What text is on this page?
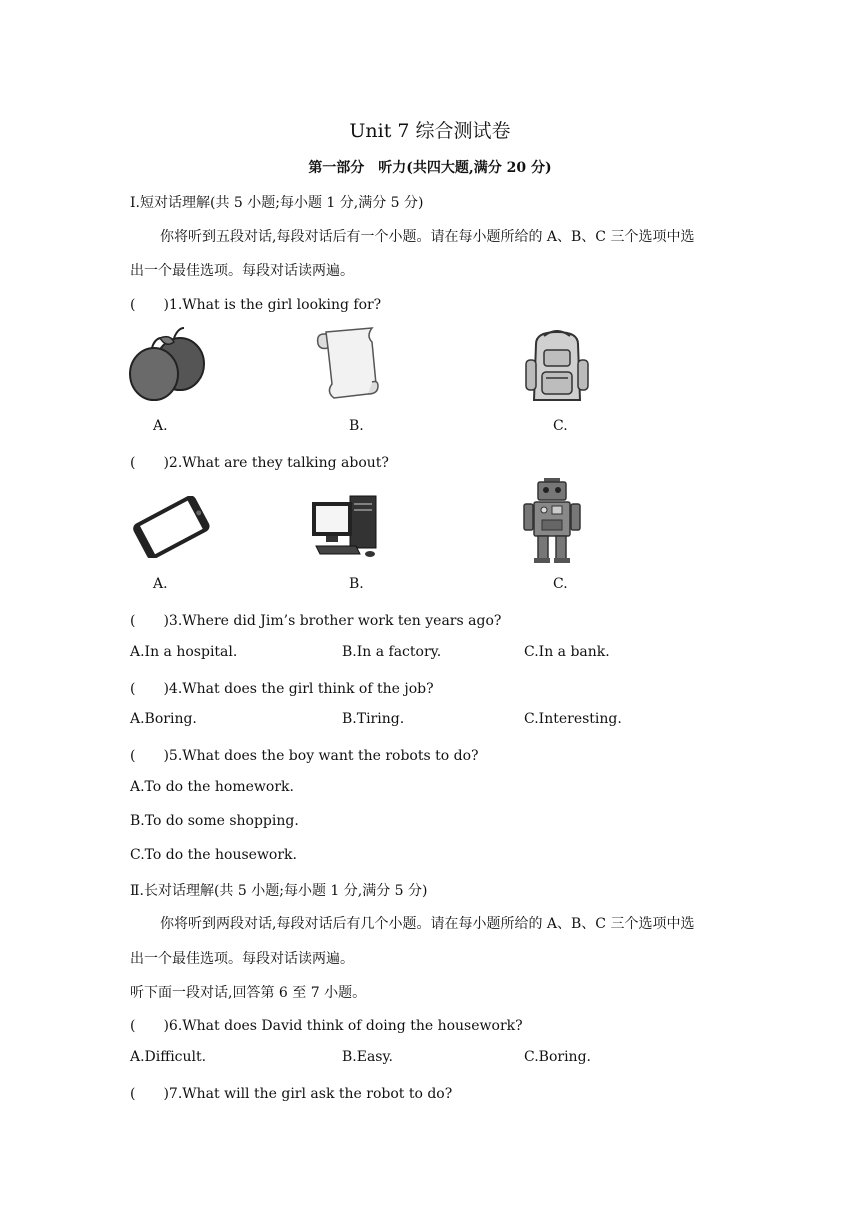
Unit 7 综合测试卷
第一部分　听力(共四大题,满分 20 分)
Ⅰ.短对话理解(共 5 小题;每小题 1 分,满分 5 分)
你将听到五段对话,每段对话后有一个小题。请在每小题所给的 A、B、C 三个选项中选
出一个最佳选项。每段对话读两遍。
(　　)1.What is the girl looking for?
A.	B.	C.
(　　)2.What are they talking about?
A.	B.	C.
(　　)3.Where did Jim’s brother work ten years ago?
A.In a hospital.	B.In a factory.	C.In a bank.
(　　)4.What does the girl think of the job?
A.Boring.	B.Tiring.	C.Interesting.
(　　)5.What does the boy want the robots to do?
A.To do the homework.
B.To do some shopping.
C.To do the housework.
Ⅱ.长对话理解(共 5 小题;每小题 1 分,满分 5 分)
你将听到两段对话,每段对话后有几个小题。请在每小题所给的 A、B、C 三个选项中选
出一个最佳选项。每段对话读两遍。
听下面一段对话,回答第 6 至 7 小题。
(　　)6.What does David think of doing the housework?
A.Difficult.	B.Easy.	C.Boring.
(　　)7.What will the girl ask the robot to do?
